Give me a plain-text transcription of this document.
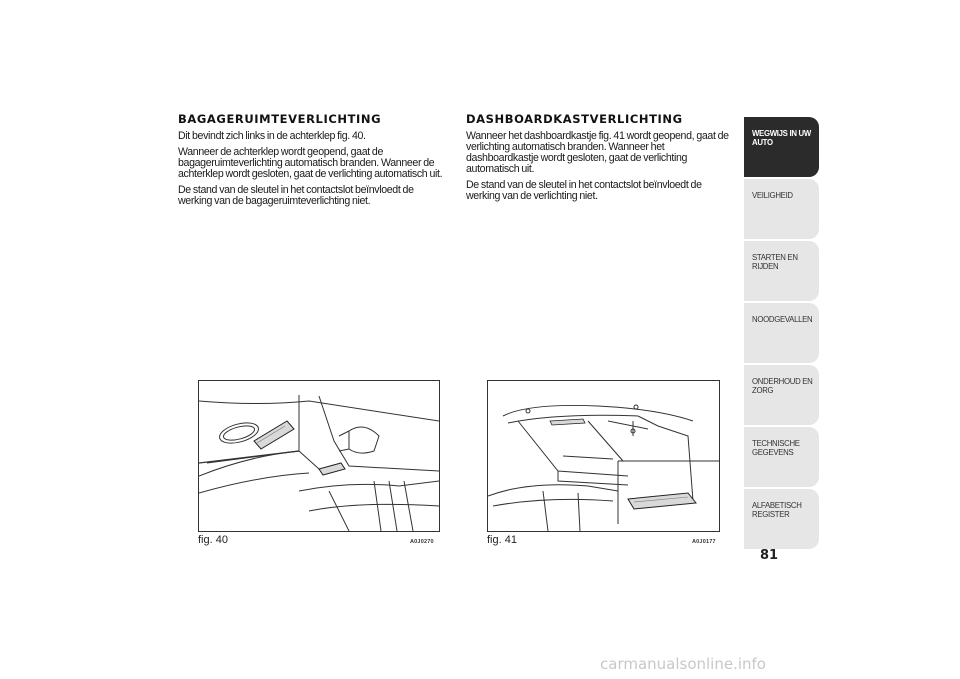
BAGAGERUIMTEVERLICHTING

Dit bevindt zich links in de achterklep fig. 40.

Wanneer de achterklep wordt geopend, gaat de bagageruimteverlichting automatisch branden. Wanneer de achterklep wordt gesloten, gaat de verlichting automatisch uit.

De stand van de sleutel in het contactslot beïnvloedt de werking van de bagageruimteverlichting niet.

DASHBOARDKASTVERLICHTING

Wanneer het dashboardkastje fig. 41 wordt geopend, gaat de verlichting automatisch branden. Wanneer het dashboardkastje wordt gesloten, gaat de verlichting automatisch uit.

De stand van de sleutel in het contactslot beïnvloedt de werking van de verlichting niet.

fig. 40	A0J0270	fig. 41	A0J0177
WEGWIJS IN UW AUTO
VEILIGHEID
STARTEN EN RIJDEN
NOODGEVALLEN
ONDERHOUD EN ZORG
TECHNISCHE GEGEVENS
ALFABETISCH REGISTER
81
carmanualsonline.info
